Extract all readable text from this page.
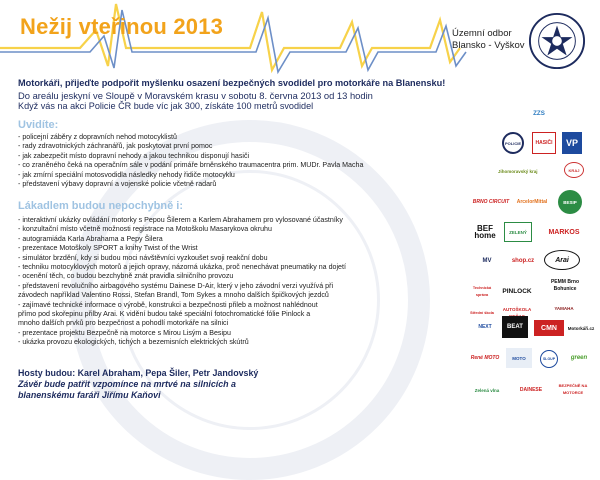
Nežij vteřinou 2013	Územní odbor
Blansko - Vyškov
Motorkáři, přijeďte podpořit myšlenku osazení bezpečných svodidel pro motorkáře na Blanensku!
Do areálu jeskyní ve Sloupě v Moravském krasu v sobotu 8. června 2013 od 13 hodin
Když vás na akci Policie ČR bude víc jak 300, získáte 100 metrů svodidel
Uvidíte:
- policejní záběry z dopravních nehod motocyklistů
- rady zdravotnických záchranářů, jak poskytovat první pomoc
- jak zabezpečit místo dopravní nehody a jakou technikou disponují hasiči
- co zraněného čeká na operačním sále v podání primáře brněnského traumacentra prim. MUDr. Pavla Macha
- jak zmírní speciální motosvodidla následky nehody řidiče motocyklu
- představení výbavy dopravní a vojenské policie včetně radarů
Lákadlem budou nepochybně i:
- interaktivní ukázky ovládání motorky s Pepou Šilerem a Karlem Abrahamem pro vylosované účastníky
- konzultační místo včetně možnosti registrace na Motoškolu Masarykova okruhu
- autogramiáda Karla Abrahama a Pepy Šilera
- prezentace Motoškoly SPORT a knihy Twist of the Wrist
- simulátor brzdění, kdy si budou moci návštěvníci vyzkoušet svoji reakční dobu
- techniku motocyklových motorů a jejich opravy, názorná ukázka, proč nenechávat pneumatiky na dojetí
- ocenění těch, co budou bezchybně znát pravidla silničního provozu
- představení revolučního airbagového systému Dainese D-Air, který v jeho závodní verzi využívá při
závodech například Valentino Rossi, Stefan Brandl, Tom Sykes a mnoho dalších špičkových jezdců
- zajímavé technické informace o výrobě, konstrukci a bezpečnosti přileb a možnost nahlédnout
přímo pod skořepinu přilby Arai. K vidění budou také speciální fotochromatické fólie Pinlock a
mnoho dalších prvků pro bezpečnost a pohodlí motorkáře na silnici
- prezentace projektu Bezpečně na motorce s Mirou Lisým a Besipu
- ukázka provozu ekologických, tichých a bezemisních elektrických skútrů
Hosty budou: Karel Abraham, Pepa Šiler, Petr Jandovský
Závěr bude patřit vzpomínce na mrtvé na silnicích a
blanenskému faráři Jiřímu Kaňovi
ZZS
POLICIE	HASIČI	VP
Jihomoravský kraj	KRAJ
BRNO CIRCUIT	ArcelorMittal	BESIP
BEF home	ZELENÝ	MARKOS
MV	shop.cz	Arai
Technická správa
PINLOCK
PEMM Brno Bohunice
Střední škola
AUTOŠKOLA	YAMAHA
NEXT	BEAT	CMN	Motorkáři.cz
René MOTO	MOTO	SLOUP	green
Zelená vlna	DAINESE
BEZPEČNĚ NA MOTORCE
